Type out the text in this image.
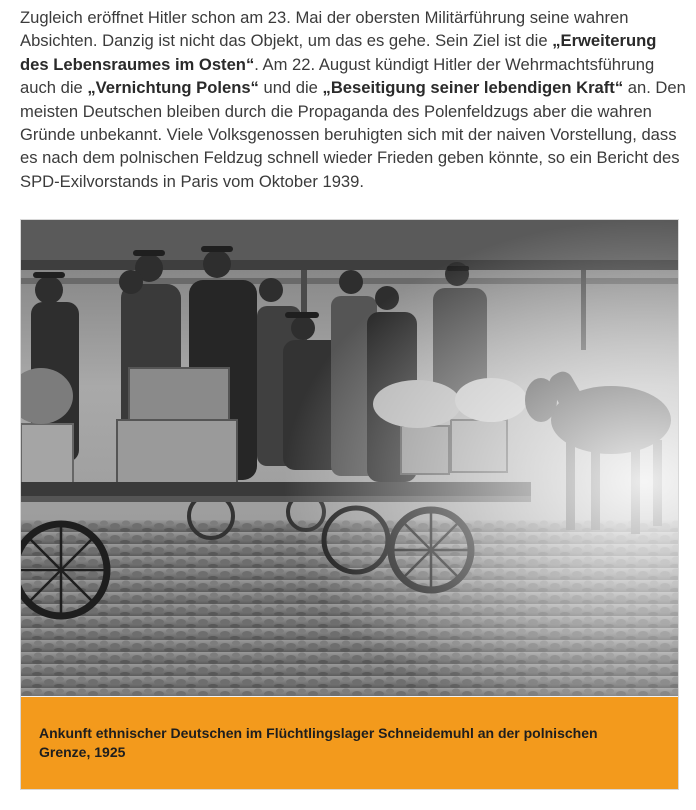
Zugleich eröffnet Hitler schon am 23. Mai der obersten Militärführung seine wahren Absichten. Danzig ist nicht das Objekt, um das es gehe. Sein Ziel ist die „Erweiterung des Lebensraumes im Osten“. Am 22. August kündigt Hitler der Wehrmachtsführung auch die „Vernichtung Polens“ und die „Beseitigung seiner lebendigen Kraft“ an. Den meisten Deutschen bleiben durch die Propaganda des Polenfeldzugs aber die wahren Gründe unbekannt. Viele Volksgenossen beruhigten sich mit der naiven Vorstellung, dass es nach dem polnischen Feldzug schnell wieder Frieden geben könnte, so ein Bericht des SPD-Exilvorstands in Paris vom Oktober 1939.
Ankunft ethnischer Deutschen im Flüchtlingslager Schneidemuhl an der polnischen Grenze, 1925
